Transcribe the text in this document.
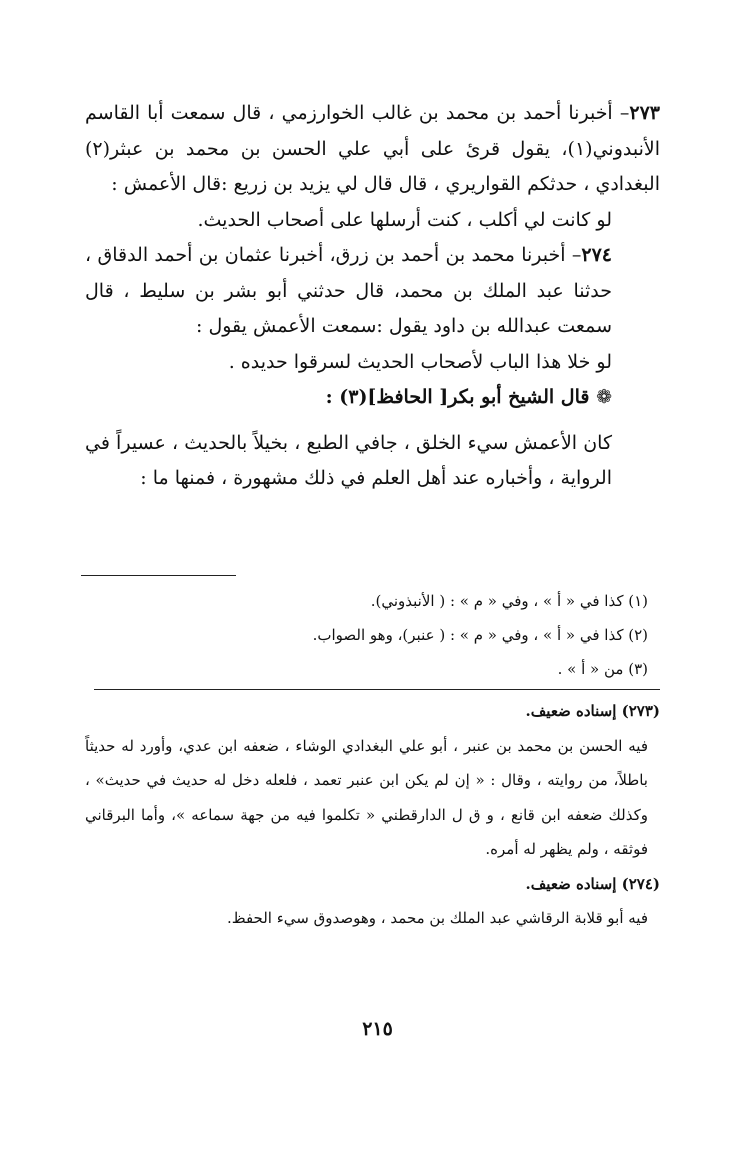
٢٧٣– أخبرنا أحمد بن محمد بن غالب الخوارزمي ، قال سمعت أبا القاسم الأنبدوني(١)، يقول قرئ على أبي علي الحسن بن محمد بن عبثر(٢) البغدادي ، حدثكم القواريري ، قال قال لي يزيد بن زريع :قال الأعمش :

لو كانت لي أكلب ، كنت أرسلها على أصحاب الحديث.

٢٧٤– أخبرنا محمد بن أحمد بن زرق، أخبرنا عثمان بن أحمد الدقاق ، حدثنا عبد الملك بن محمد، قال حدثني أبو بشر بن سليط ، قال سمعت عبدالله بن داود يقول :سمعت الأعمش يقول :

لو خلا هذا الباب لأصحاب الحديث لسرقوا حديده .

❁ قال الشيخ أبو بكر[ الحافظ](٣) :

كان الأعمش سيء الخلق ، جافي الطبع ، بخيلاً بالحديث ، عسيراً في الرواية ، وأخباره عند أهل العلم في ذلك مشهورة ، فمنها ما :

(١) كذا في « أ » ، وفي « م » : ( الأنبذوني).
(٢) كذا في « أ » ، وفي « م » : ( عنبر)، وهو الصواب.
(٣) من « أ » .

(٢٧٣) إسناده ضعيف.

فيه الحسن بن محمد بن عنبر ، أبو علي البغدادي الوشاء ، ضعفه ابن عدي، وأورد له حديثاً باطلاً، من روايته ، وقال : « إن لم يكن ابن عنبر تعمد ، فلعله دخل له حديث في حديث» ، وكذلك ضعفه ابن قانع ، و ق ل الدارقطني « تكلموا فيه من جهة سماعه »، وأما البرقاني فوثقه ، ولم يظهر له أمره.

(٢٧٤) إسناده ضعيف.

فيه أبو قلابة الرقاشي عبد الملك بن محمد ، وهوصدوق سيء الحفظ.

٢١٥
